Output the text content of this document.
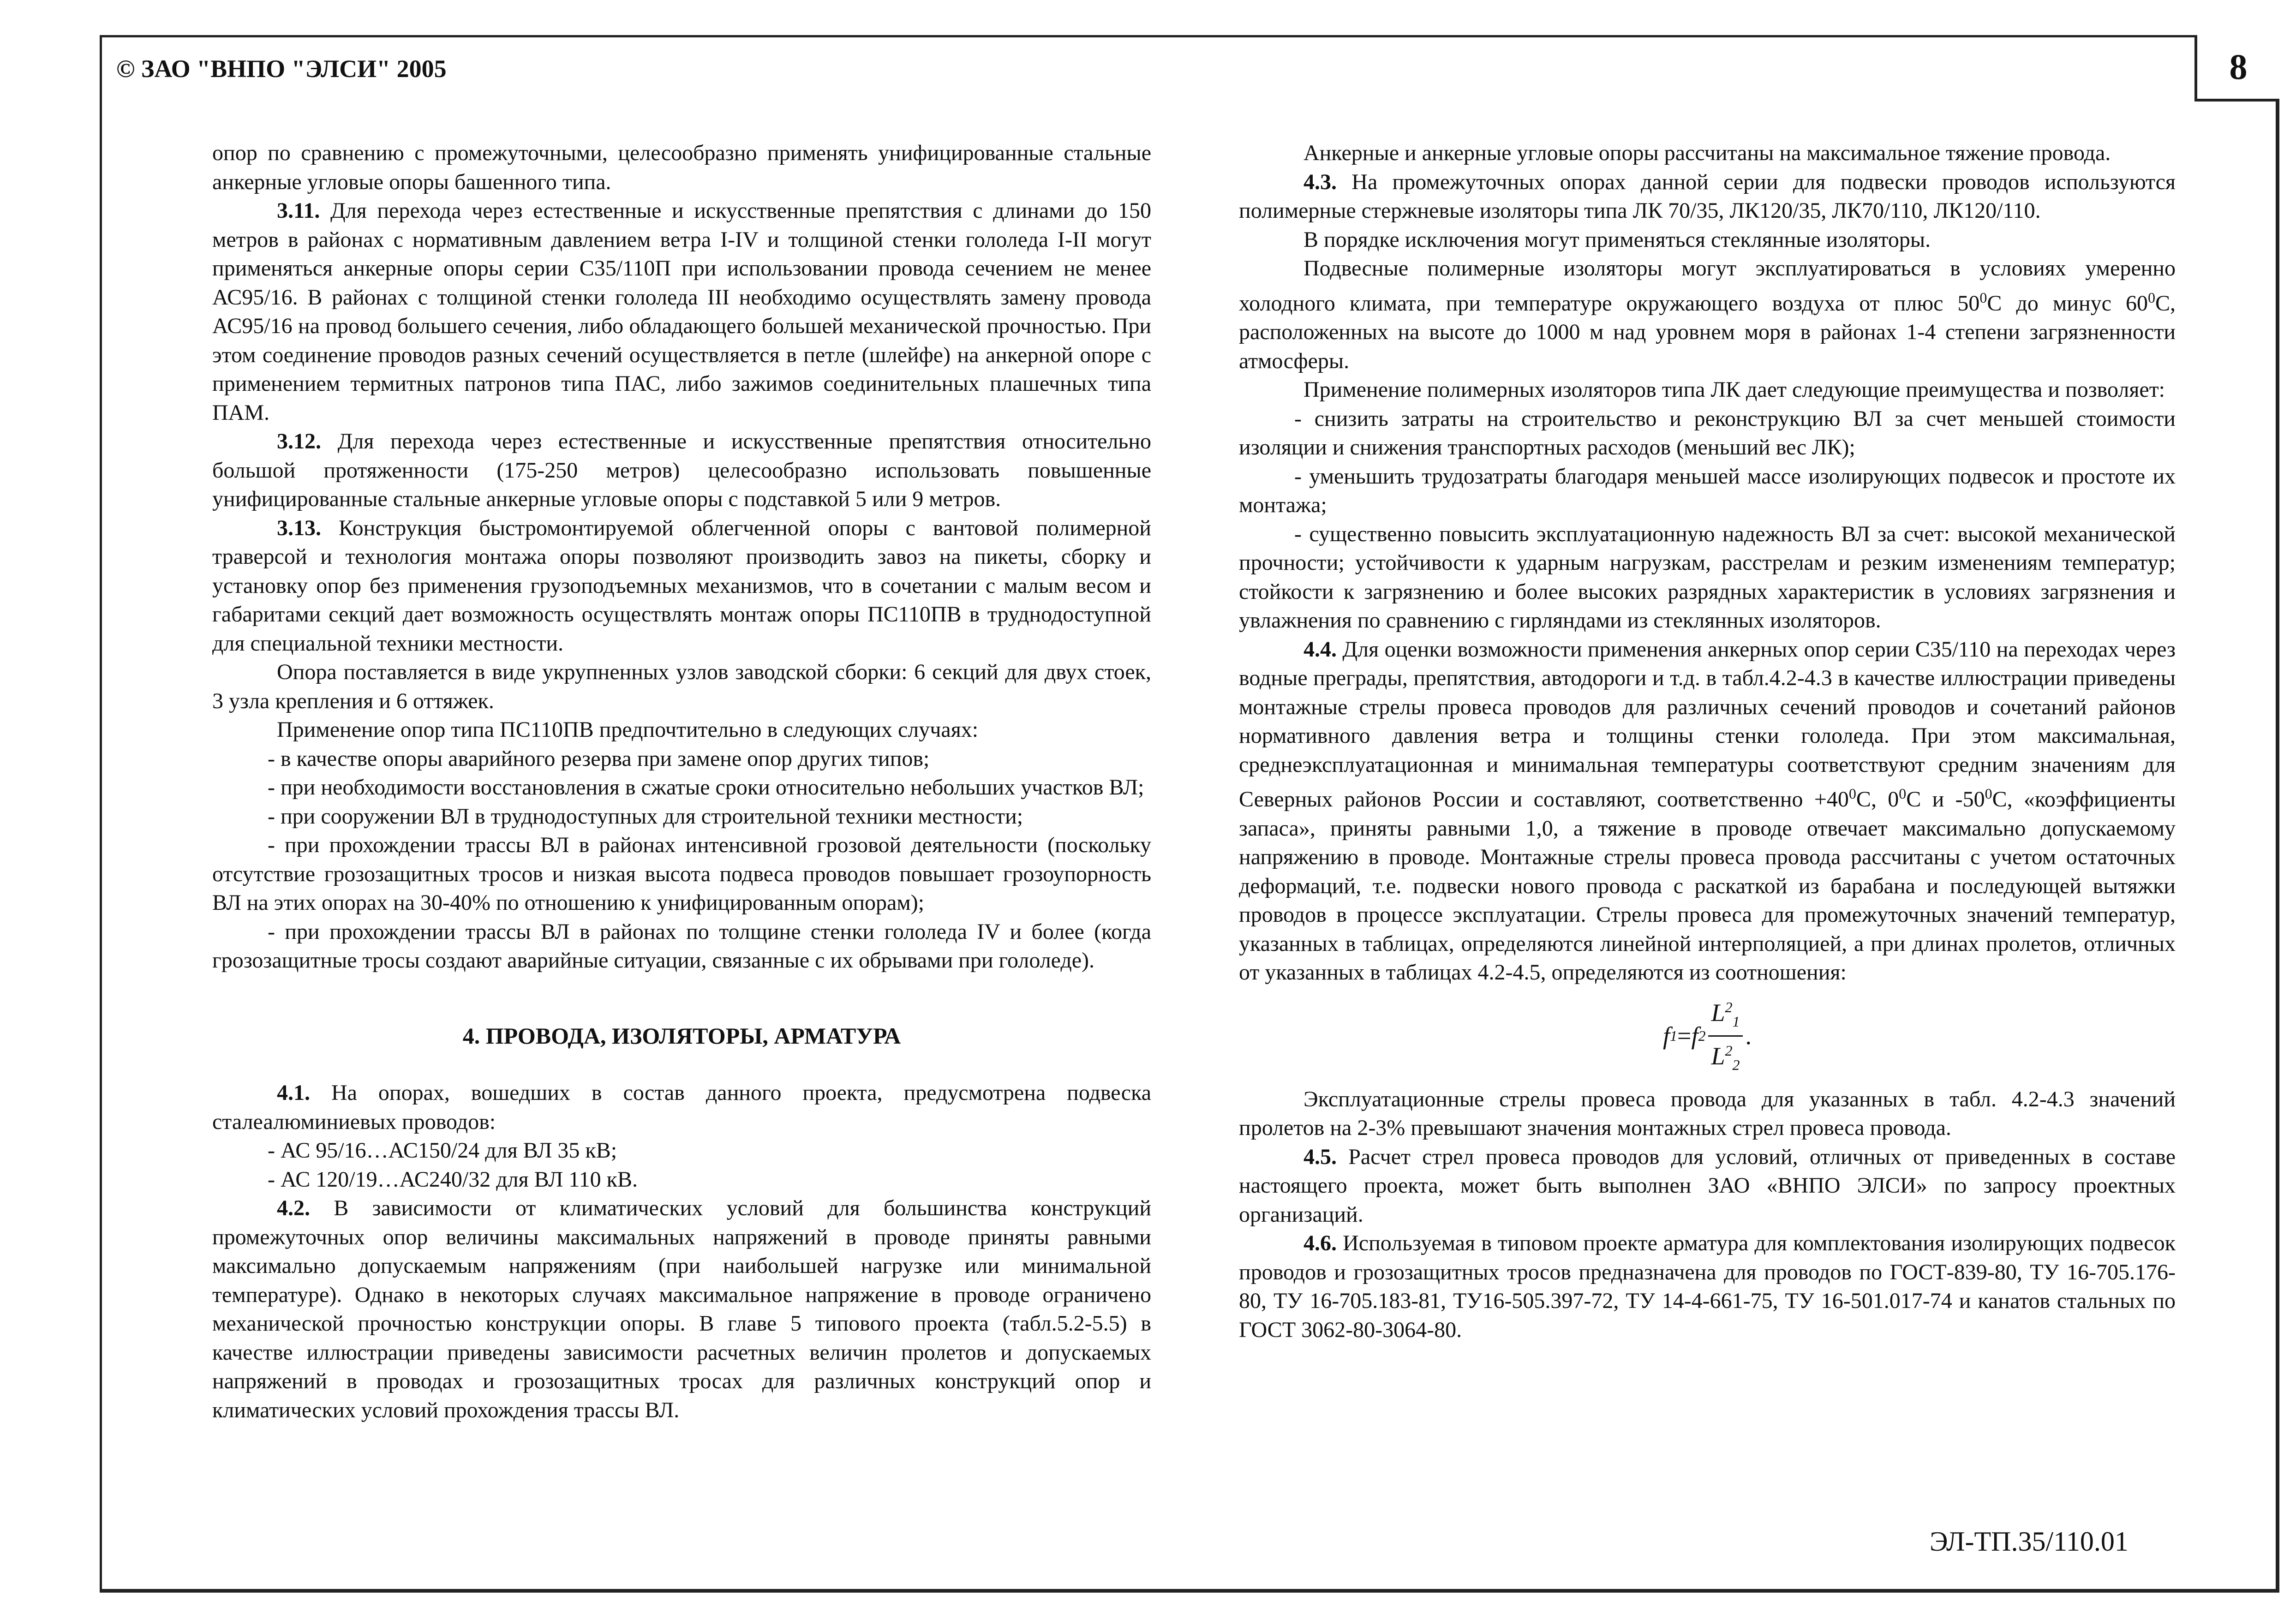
© ЗАО "ВНПО "ЭЛСИ" 2005	8

опор по сравнению с промежуточными, целесообразно применять унифицированные стальные анкерные угловые опоры башенного типа.

3.11. Для перехода через естественные и искусственные препятствия с длинами до 150 метров в районах с нормативным давлением ветра I-IV и толщиной стенки гололеда I-II могут применяться анкерные опоры серии С35/110П при использовании провода сечением не менее АС95/16. В районах с толщиной стенки гололеда III необходимо осуществлять замену провода АС95/16 на провод большего сечения, либо обладающего большей механической прочностью. При этом соединение проводов разных сечений осуществляется в петле (шлейфе) на анкерной опоре с применением термитных патронов типа ПАС, либо зажимов соединительных плашечных типа ПАМ.

3.12. Для перехода через естественные и искусственные препятствия относительно большой протяженности (175-250 метров) целесообразно использовать повышенные унифицированные стальные анкерные угловые опоры с подставкой 5 или 9 метров.

3.13. Конструкция быстромонтируемой облегченной опоры с вантовой полимерной траверсой и технология монтажа опоры позволяют производить завоз на пикеты, сборку и установку опор без применения грузоподъемных механизмов, что в сочетании с малым весом и габаритами секций дает возможность осуществлять монтаж опоры ПС110ПВ в труднодоступной для специальной техники местности.

Опора поставляется в виде укрупненных узлов заводской сборки: 6 секций для двух стоек, 3 узла крепления и 6 оттяжек.

Применение опор типа ПС110ПВ предпочтительно в следующих случаях:

- в качестве опоры аварийного резерва при замене опор других типов;

- при необходимости восстановления в сжатые сроки относительно небольших участков ВЛ;

- при сооружении ВЛ в труднодоступных для строительной техники местности;

- при прохождении трассы ВЛ в районах интенсивной грозовой деятельности (поскольку отсутствие грозозащитных тросов и низкая высота подвеса проводов повышает грозоупорность ВЛ на этих опорах на 30-40% по отношению к унифицированным опорам);

- при прохождении трассы ВЛ в районах по толщине стенки гололеда IV и более (когда грозозащитные тросы создают аварийные ситуации, связанные с их обрывами при гололеде).

4. ПРОВОДА, ИЗОЛЯТОРЫ, АРМАТУРА

4.1. На опорах, вошедших в состав данного проекта, предусмотрена подвеска сталеалюминиевых проводов:

- АС 95/16…АС150/24 для ВЛ 35 кВ;

- АС 120/19…АС240/32 для ВЛ 110 кВ.

4.2. В зависимости от климатических условий для большинства конструкций промежуточных опор величины максимальных напряжений в проводе приняты равными максимально допускаемым напряжениям (при наибольшей нагрузке или минимальной температуре). Однако в некоторых случаях максимальное напряжение в проводе ограничено механической прочностью конструкции опоры. В главе 5 типового проекта (табл.5.2-5.5) в качестве иллюстрации приведены зависимости расчетных величин пролетов и допускаемых напряжений в проводах и грозозащитных тросах для различных конструкций опор и климатических условий прохождения трассы ВЛ.

Анкерные и анкерные угловые опоры рассчитаны на максимальное тяжение провода.

4.3. На промежуточных опорах данной серии для подвески проводов используются полимерные стержневые изоляторы типа ЛК 70/35, ЛК120/35, ЛК70/110, ЛК120/110.

В порядке исключения могут применяться стеклянные изоляторы.

Подвесные полимерные изоляторы могут эксплуатироваться в условиях умеренно холодного климата, при температуре окружающего воздуха от плюс $50^0С$ до минус $60^0С$, расположенных на высоте до 1000 м над уровнем моря в районах 1-4 степени загрязненности атмосферы.

Применение полимерных изоляторов типа ЛК дает следующие преимущества и позволяет:

- снизить затраты на строительство и реконструкцию ВЛ за счет меньшей стоимости изоляции и снижения транспортных расходов (меньший вес ЛК);

- уменьшить трудозатраты благодаря меньшей массе изолирующих подвесок и простоте их монтажа;

- существенно повысить эксплуатационную надежность ВЛ за счет: высокой механической прочности; устойчивости к ударным нагрузкам, расстрелам и резким изменениям температур; стойкости к загрязнению и более высоких разрядных характеристик в условиях загрязнения и увлажнения по сравнению с гирляндами из стеклянных изоляторов.

4.4. Для оценки возможности применения анкерных опор серии С35/110 на переходах через водные преграды, препятствия, автодороги и т.д. в табл.4.2-4.3 в качестве иллюстрации приведены монтажные стрелы провеса проводов для различных сечений проводов и сочетаний районов нормативного давления ветра и толщины стенки гололеда. При этом максимальная, среднеэксплуатационная и минимальная температуры соответствуют средним значениям для Северных районов России и составляют, соответственно $+40^0С$, $0^0С$ и $-50^0С$, «коэффициенты запаса», приняты равными 1,0, а тяжение в проводе отвечает максимально допускаемому напряжению в проводе. Монтажные стрелы провеса провода рассчитаны с учетом остаточных деформаций, т.е. подвески нового провода с раскаткой из барабана и последующей вытяжки проводов в процессе эксплуатации. Стрелы провеса для промежуточных значений температур, указанных в таблицах, определяются линейной интерполяцией, а при длинах пролетов, отличных от указанных в таблицах 4.2-4.5, определяются из соотношения:

f 1 = f $2 \frac{L^2_1}{L^2_2}$ .

Эксплуатационные стрелы провеса провода для указанных в табл. 4.2-4.3 значений пролетов на 2-3% превышают значения монтажных стрел провеса провода.

4.5. Расчет стрел провеса проводов для условий, отличных от приведенных в составе настоящего проекта, может быть выполнен ЗАО «ВНПО ЭЛСИ» по запросу проектных организаций.

4.6. Используемая в типовом проекте арматура для комплектования изолирующих подвесок проводов и грозозащитных тросов предназначена для проводов по ГОСТ-839-80, ТУ 16-705.176-80, ТУ 16-705.183-81, ТУ16-505.397-72, ТУ 14-4-661-75, ТУ 16-501.017-74 и канатов стальных по ГОСТ 3062-80-3064-80.

ЭЛ-ТП.35/110.01
